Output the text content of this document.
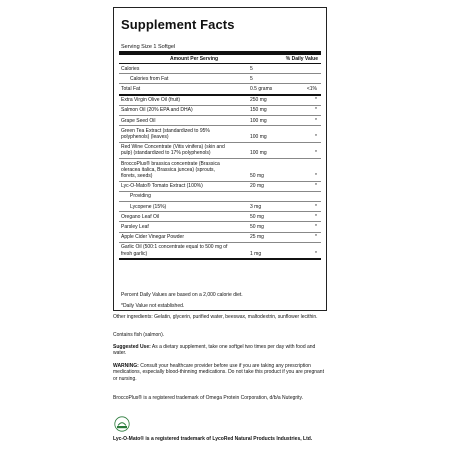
Supplement Facts
Serving Size 1 Softgel
Amount Per Serving	% Daily Value
Calories	5
Calories from Fat	5
Total Fat	0.5 grams	<1%
Extra Virgin Olive Oil (fruit)	250 mg	*
Salmon Oil (20% EPA and DHA)	150 mg	*
Grape Seed Oil	100 mg	*
Green Tea Extract (standardized to 95% polyphenols) (leaves)	100 mg	*
Red Wine Concentrate (Vitis vinifera) (skin and pulp) (standardized to 17% polyphenols)	100 mg	*
BroccoPlus® brassica concentrate (Brassica oleracea italica, Brassica juncea) (sprouts, florets, seeds)	50 mg	*
Lyc-O-Mato® Tomato Extract (100%)	20 mg	*
Providing
Lycopene (15%)	3 mg	*
Oregano Leaf Oil	50 mg	*
Parsley Leaf	50 mg	*
Apple Cider Vinegar Powder	25 mg	*
Garlic Oil (500:1 concentrate equal to 500 mg of fresh garlic)	1 mg	*
Percent Daily Values are based on a 2,000 calorie diet.
*Daily Value not established.
Other ingredients: Gelatin, glycerin, purified water, beeswax, maltodextrin, sunflower lecithin.
Contains fish (salmon).
Suggested Use: As a dietary supplement, take one softgel two times per day with food and water.
WARNING: Consult your healthcare provider before use if you are taking any prescription medications, especially blood-thinning medications. Do not take this product if you are pregnant or nursing.
BroccoPlus® is a registered trademark of Omega Protein Corporation, d/b/a Nutegrity.
Lyc-O-Mato® is a registered trademark of LycoRed Natural Products Industries, Ltd.
